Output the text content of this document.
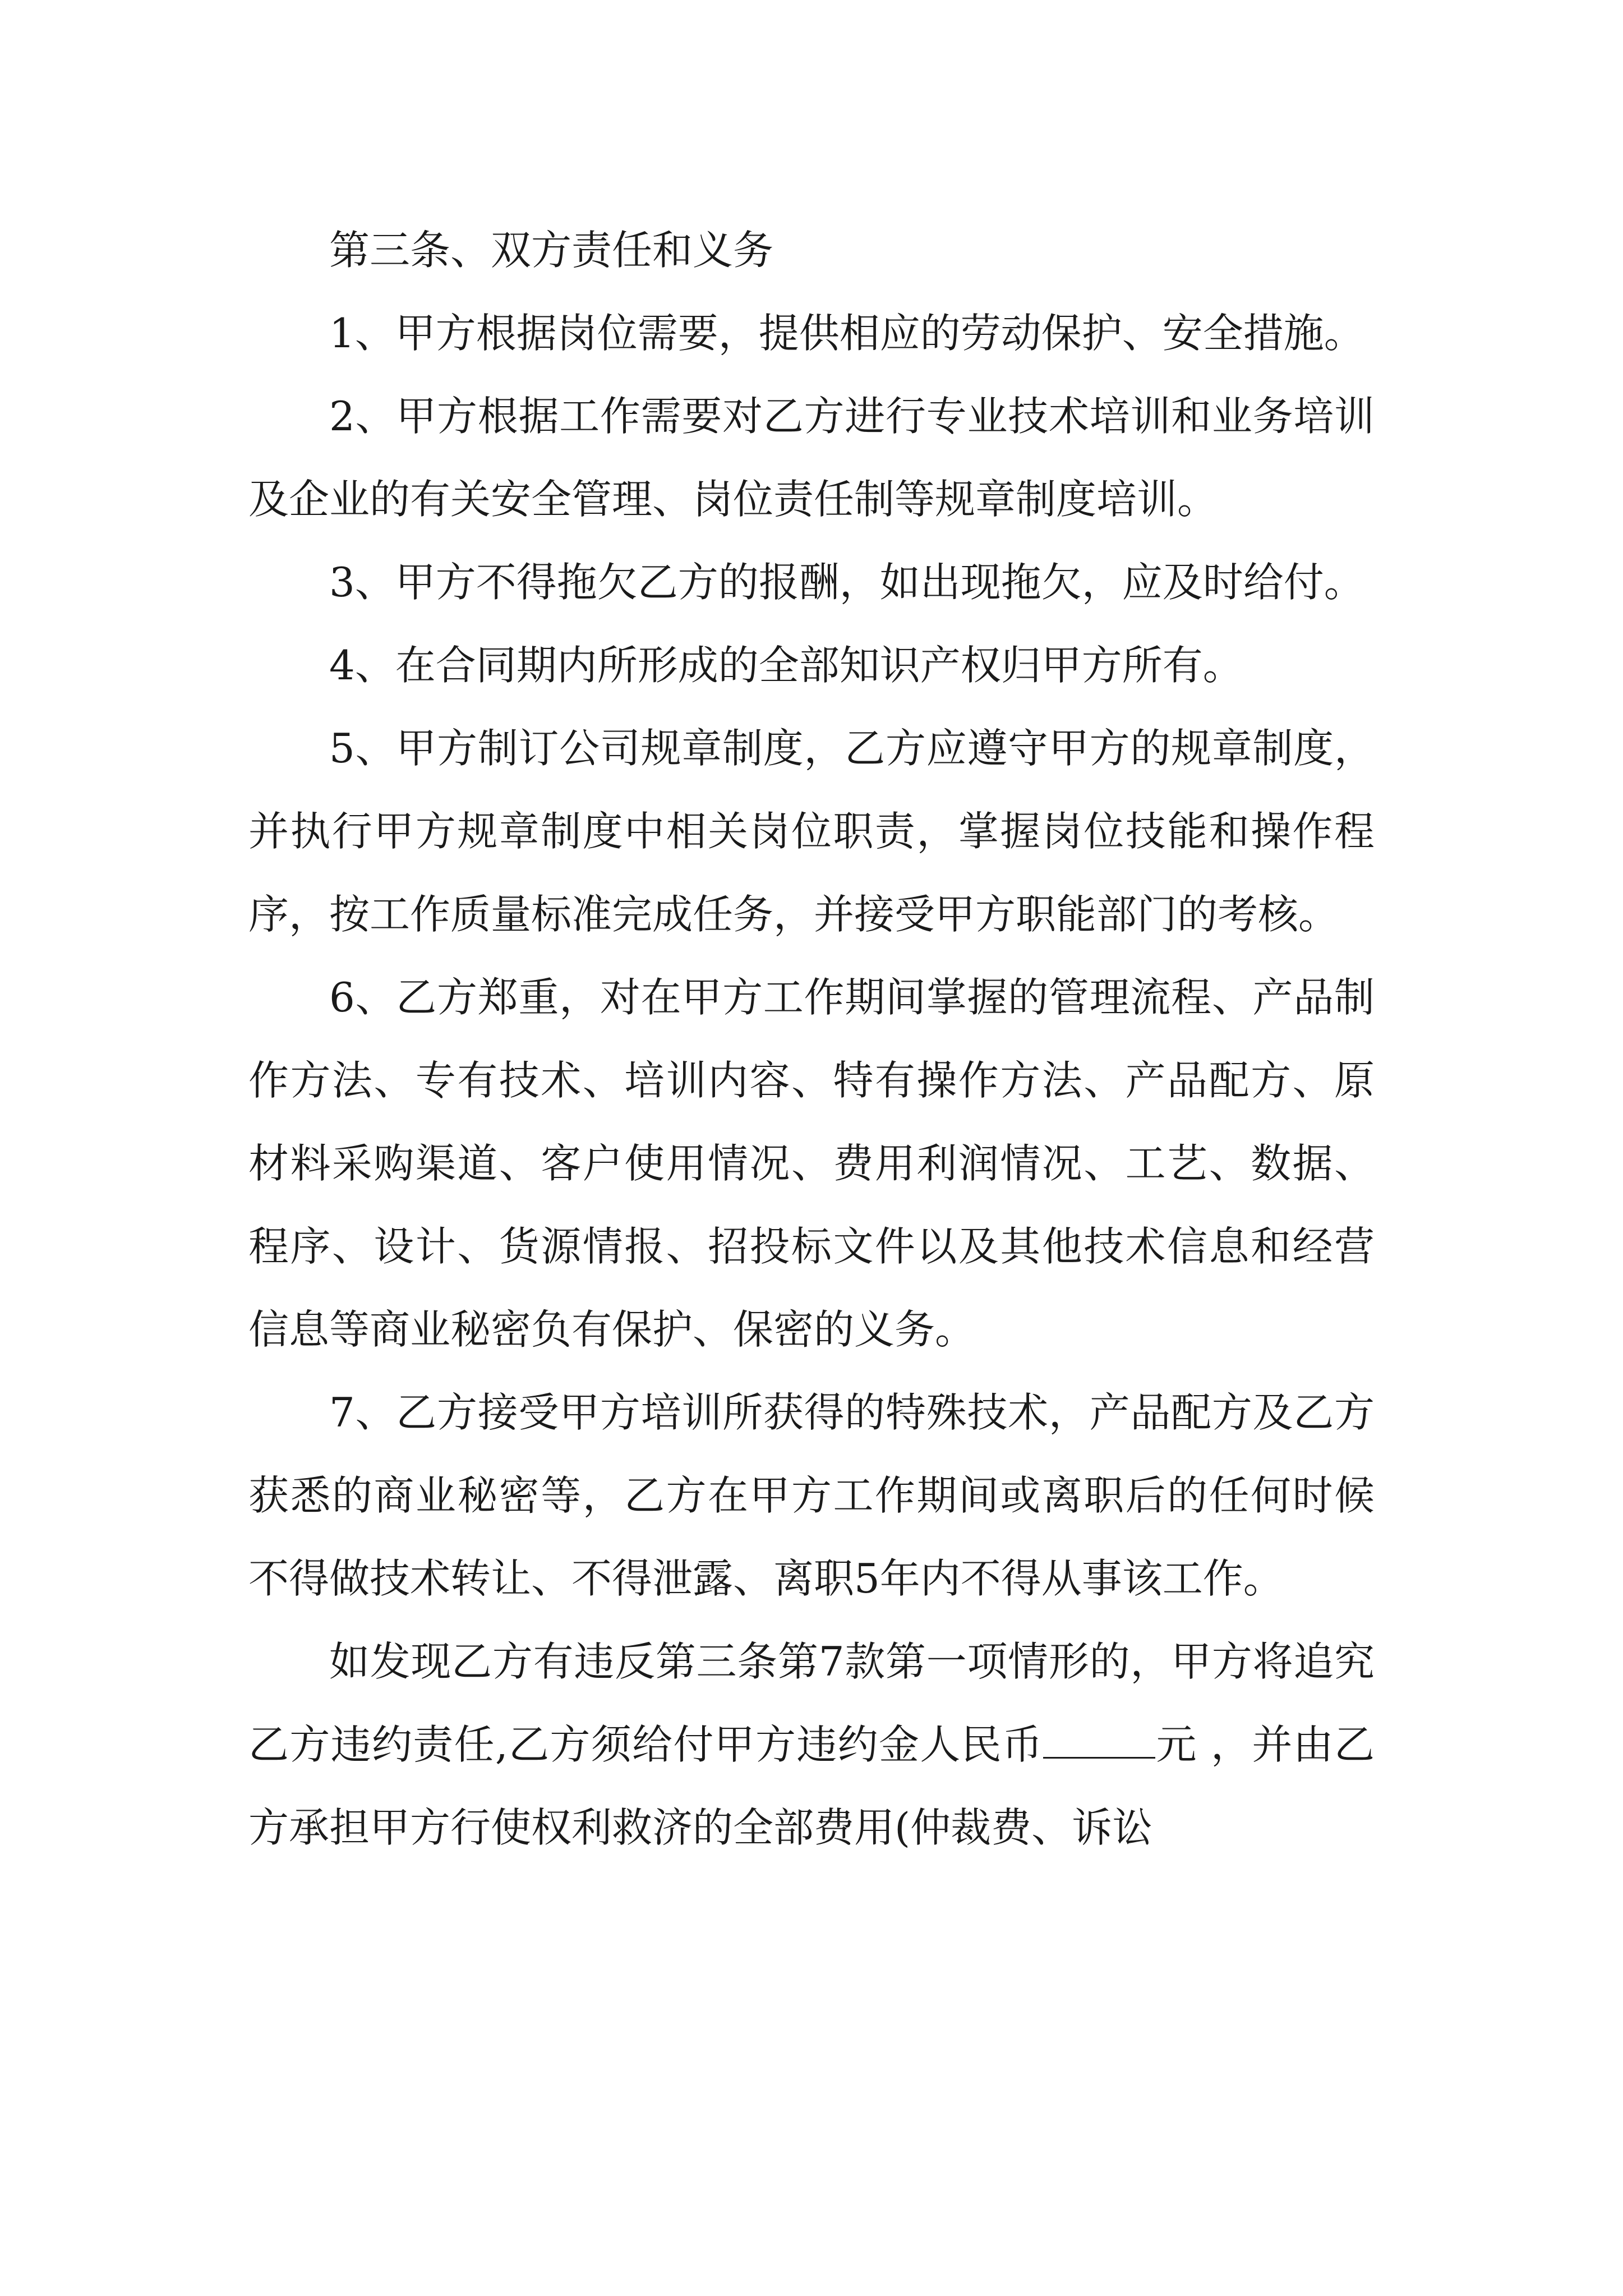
第三条、双方责任和义务

1、甲方根据岗位需要，提供相应的劳动保护、安全措施。

2、甲方根据工作需要对乙方进行专业技术培训和业务培训及企业的有关安全管理、岗位责任制等规章制度培训。

3、甲方不得拖欠乙方的报酬，如出现拖欠，应及时给付。

4、在合同期内所形成的全部知识产权归甲方所有。

5、甲方制订公司规章制度，乙方应遵守甲方的规章制度，并执行甲方规章制度中相关岗位职责，掌握岗位技能和操作程序，按工作质量标准完成任务，并接受甲方职能部门的考核。

6、乙方郑重，对在甲方工作期间掌握的管理流程、产品制作方法、专有技术、培训内容、特有操作方法、产品配方、原材料采购渠道、客户使用情况、费用利润情况、工艺、数据、程序、设计、货源情报、招投标文件以及其他技术信息和经营信息等商业秘密负有保护、保密的义务。

7、乙方接受甲方培训所获得的特殊技术，产品配方及乙方获悉的商业秘密等，乙方在甲方工作期间或离职后的任何时候不得做技术转让、不得泄露、离职5年内不得从事该工作。

如发现乙方有违反第三条第7款第一项情形的，甲方将追究乙方违约责任,乙方须给付甲方违约金人民币	元 ，并由乙方承担甲方行使权利救济的全部费用(仲裁费、诉讼
